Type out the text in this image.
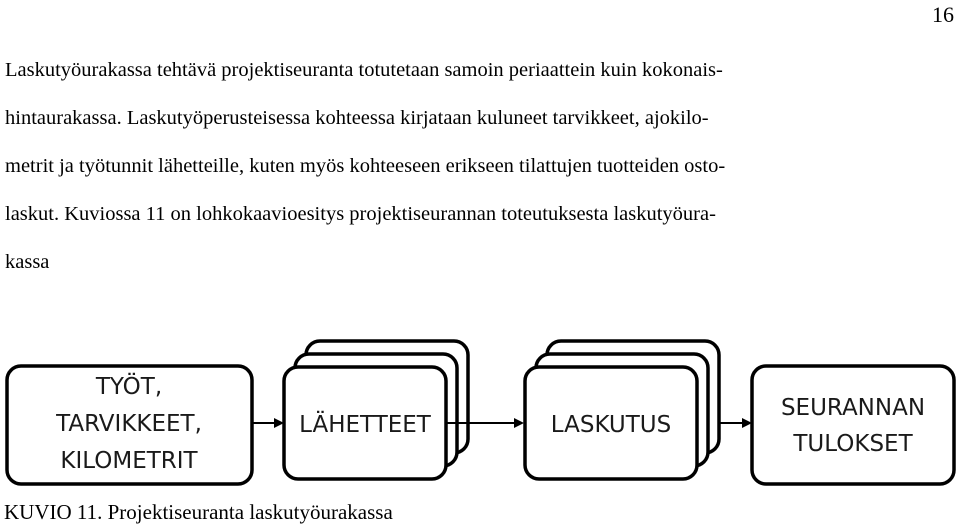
16
Laskutyöurakassa tehtävä projektiseuranta totutetaan samoin periaattein kuin kokonais-
hintaurakassa. Laskutyöperusteisessa kohteessa kirjataan kuluneet tarvikkeet, ajokilo-
metrit ja työtunnit lähetteille, kuten myös kohteeseen erikseen tilattujen tuotteiden osto-
laskut. Kuviossa 11 on lohkokaavioesitys projektiseurannan toteutuksesta laskutyöura-
kassa
TYÖT,
TARVIKKEET,
KILOMETRIT
LÄHETTEET	LASKUTUS
SEURANNAN
TULOKSET
KUVIO 11. Projektiseuranta laskutyöurakassa
